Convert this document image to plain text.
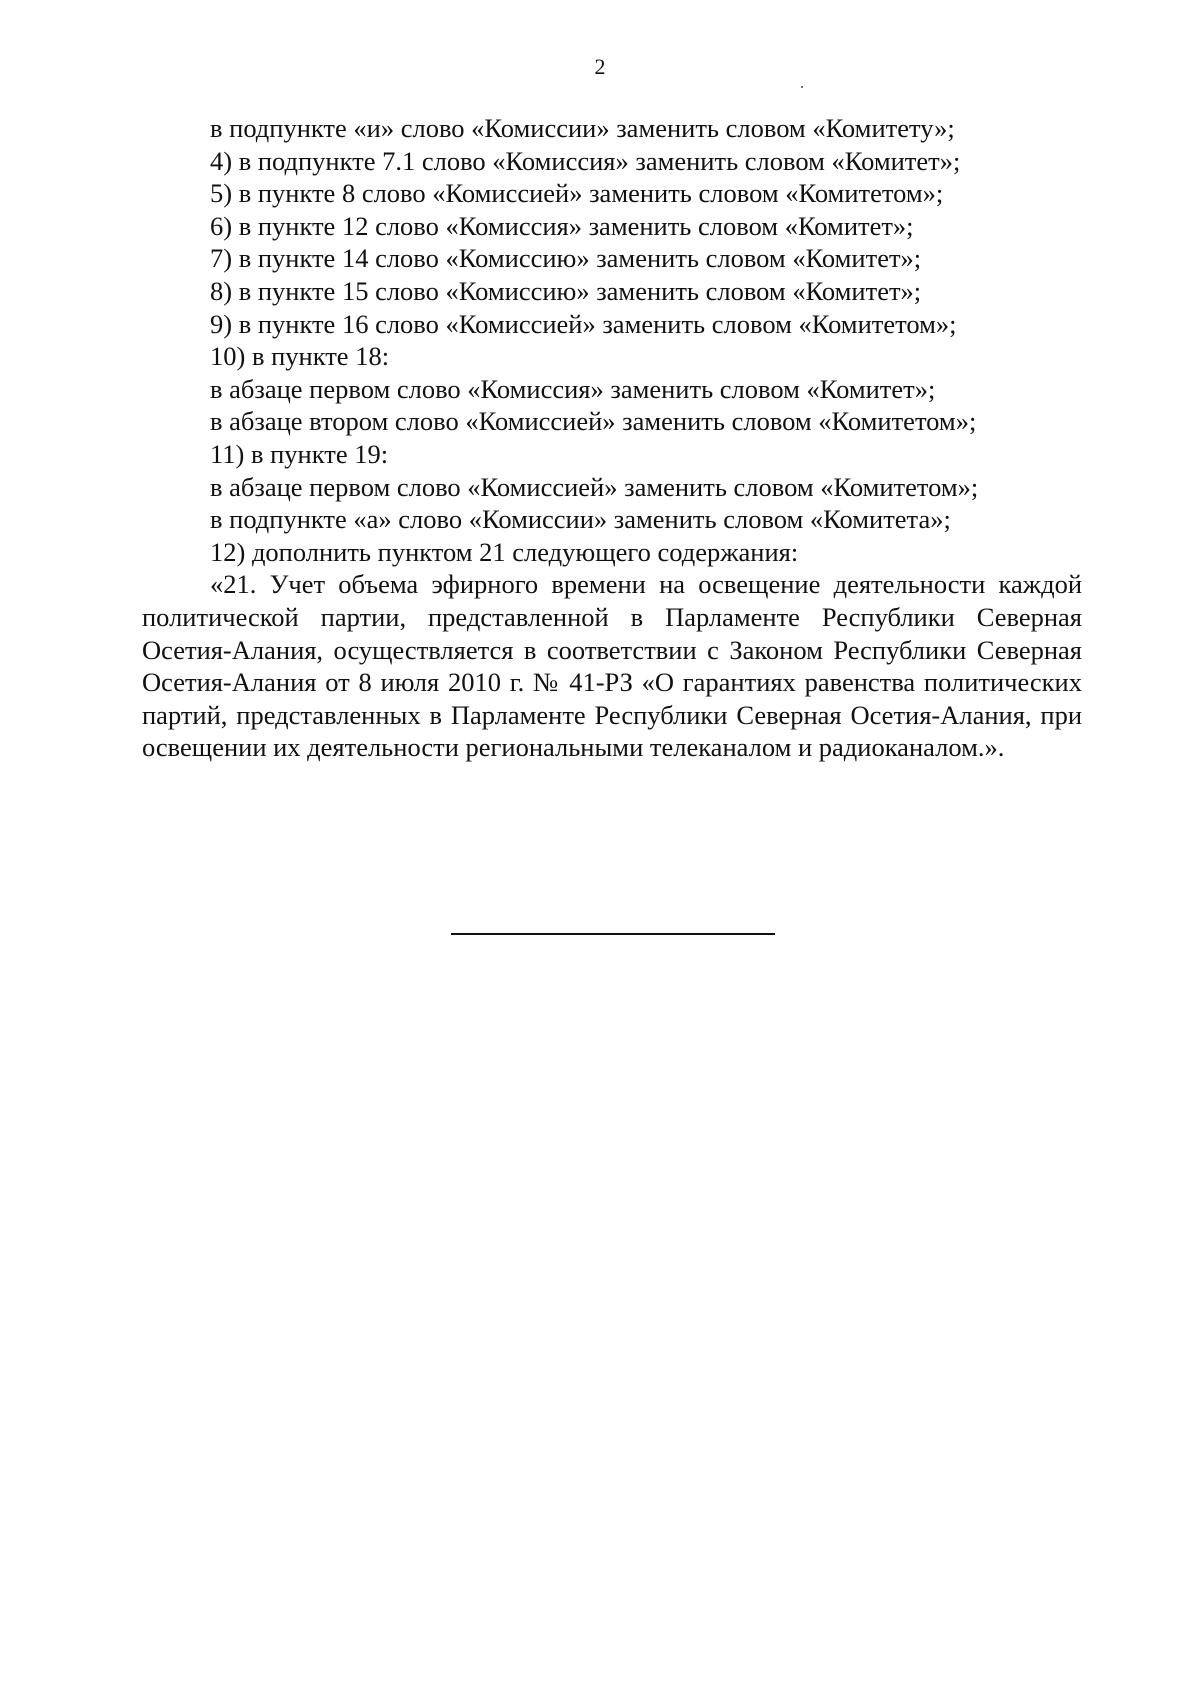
2
в подпункте «и» слово «Комиссии» заменить словом «Комитету»;
4) в подпункте 7.1 слово «Комиссия» заменить словом «Комитет»;
5) в пункте 8 слово «Комиссией» заменить словом «Комитетом»;
6) в пункте 12 слово «Комиссия» заменить словом «Комитет»;
7) в пункте 14 слово «Комиссию» заменить словом «Комитет»;
8) в пункте 15 слово «Комиссию» заменить словом «Комитет»;
9) в пункте 16 слово «Комиссией» заменить словом «Комитетом»;
10) в пункте 18:
в абзаце первом слово «Комиссия» заменить словом «Комитет»;
в абзаце втором слово «Комиссией» заменить словом «Комитетом»;
11) в пункте 19:
в абзаце первом слово «Комиссией» заменить словом «Комитетом»;
в подпункте «а» слово «Комиссии» заменить словом «Комитета»;
12) дополнить пунктом 21 следующего содержания:

«21. Учет объема эфирного времени на освещение деятельности каждой политической партии, представленной в Парламенте Республики Северная Осетия-Алания, осуществляется в соответствии с Законом Республики Северная Осетия-Алания от 8 июля 2010 г. № 41-РЗ «О гарантиях равенства политических партий, представленных в Парламенте Республики Северная Осетия-Алания, при освещении их деятельности региональными телеканалом и радиоканалом.».
